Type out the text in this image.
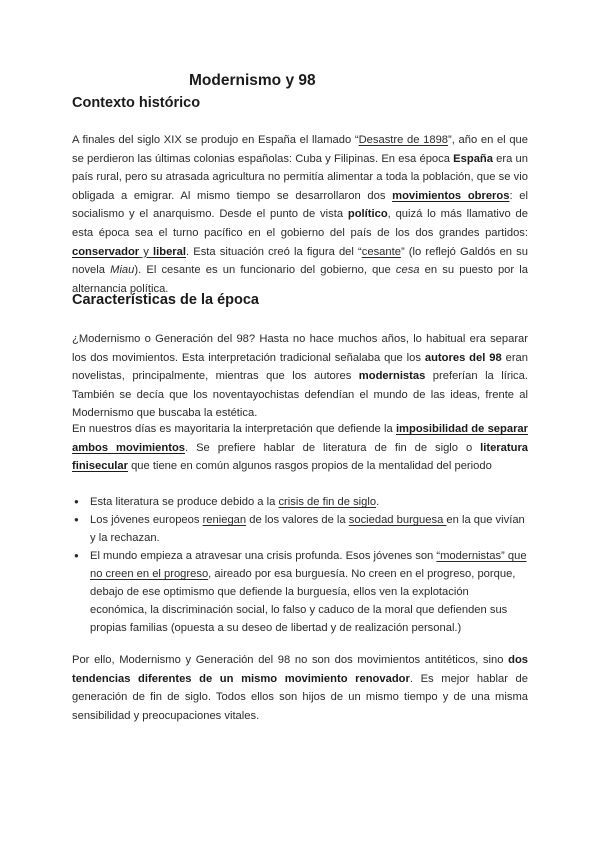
Modernismo y 98
Contexto histórico

A finales del siglo XIX se produjo en España el llamado “Desastre de 1898”, año en el que se perdieron las últimas colonias españolas: Cuba y Filipinas. En esa época España era un país rural, pero su atrasada agricultura no permitía alimentar a toda la población, que se vio obligada a emigrar. Al mismo tiempo se desarrollaron dos movimientos obreros: el socialismo y el anarquismo. Desde el punto de vista político, quizá lo más llamativo de esta época sea el turno pacífico en el gobierno del país de los dos grandes partidos: conservador y liberal. Esta situación creó la figura del “cesante” (lo reflejó Galdós en su novela Miau). El cesante es un funcionario del gobierno, que cesa en su puesto por la alternancia política.

Características de la época

¿Modernismo o Generación del 98? Hasta no hace muchos años, lo habitual era separar los dos movimientos. Esta interpretación tradicional señalaba que los autores del 98 eran novelistas, principalmente, mientras que los autores modernistas preferían la lírica. También se decía que los noventayochistas defendían el mundo de las ideas, frente al Modernismo que buscaba la estética.

En nuestros días es mayoritaria la interpretación que defiende la imposibilidad de separar ambos movimientos. Se prefiere hablar de literatura de fin de siglo o literatura finisecular que tiene en común algunos rasgos propios de la mentalidad del periodo

● Esta literatura se produce debido a la crisis de fin de siglo.
● Los jóvenes europeos reniegan de los valores de la sociedad burguesa en la que vivían y la rechazan.
● El mundo empieza a atravesar una crisis profunda. Esos jóvenes son “modernistas” que no creen en el progreso, aireado por esa burguesía. No creen en el progreso, porque, debajo de ese optimismo que defiende la burguesía, ellos ven la explotación económica, la discriminación social, lo falso y caduco de la moral que defienden sus propias familias (opuesta a su deseo de libertad y de realización personal.)

Por ello, Modernismo y Generación del 98 no son dos movimientos antitéticos, sino dos tendencias diferentes de un mismo movimiento renovador. Es mejor hablar de generación de fin de siglo. Todos ellos son hijos de un mismo tiempo y de una misma sensibilidad y preocupaciones vitales.
